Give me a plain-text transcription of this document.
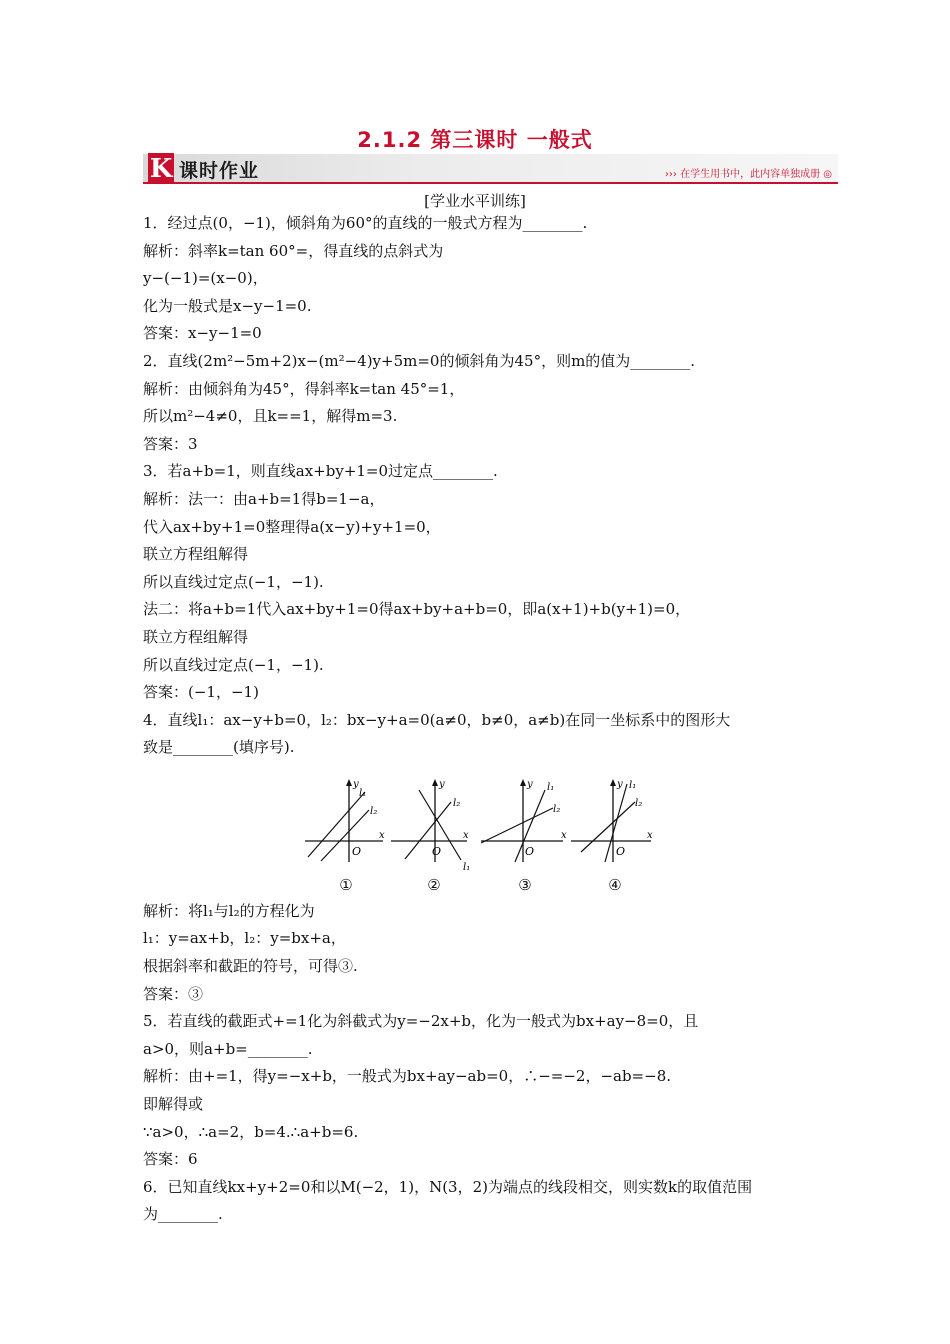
2.1.2 第三课时 一般式
K 课时作业	››› 在学生用书中，此内容单独成册 ◎
[学业水平训练]
1．经过点(0，−1)，倾斜角为60°的直线的一般式方程为________.
解析：斜率k=tan 60°=，得直线的点斜式为
y−(−1)=(x−0)，
化为一般式是x−y−1=0.
答案：x−y−1=0
2．直线(2m²−5m+2)x−(m²−4)y+5m=0的倾斜角为45°，则m的值为________.
解析：由倾斜角为45°，得斜率k=tan 45°=1，
所以m²−4≠0，且k==1，解得m=3.
答案：3
3．若a+b=1，则直线ax+by+1=0过定点________.
解析：法一：由a+b=1得b=1−a，
代入ax+by+1=0整理得a(x−y)+y+1=0，
联立方程组解得
所以直线过定点(−1，−1).
法二：将a+b=1代入ax+by+1=0得ax+by+a+b=0，即a(x+1)+b(y+1)=0，
联立方程组解得
所以直线过定点(−1，−1).
答案：(−1，−1)
4．直线l₁：ax−y+b=0，l₂：bx−y+a=0(a≠0，b≠0，a≠b)在同一坐标系中的图形大
致是________(填序号).
y
x
O
l₁
l₂
①
y
x
O
l₂
l₁
②
y
x
O
l₁
l₂
③
y
x
O
l₁
l₂
④
解析：将l₁与l₂的方程化为
l₁：y=ax+b，l₂：y=bx+a，
根据斜率和截距的符号，可得③.
答案：③
5．若直线的截距式+=1化为斜截式为y=−2x+b，化为一般式为bx+ay−8=0，且
a>0，则a+b=________.
解析：由+=1，得y=−x+b，一般式为bx+ay−ab=0，∴−=−2，−ab=−8.
即解得或
∵a>0，∴a=2，b=4.∴a+b=6.
答案：6
6．已知直线kx+y+2=0和以M(−2，1)，N(3，2)为端点的线段相交，则实数k的取值范围
为________.
